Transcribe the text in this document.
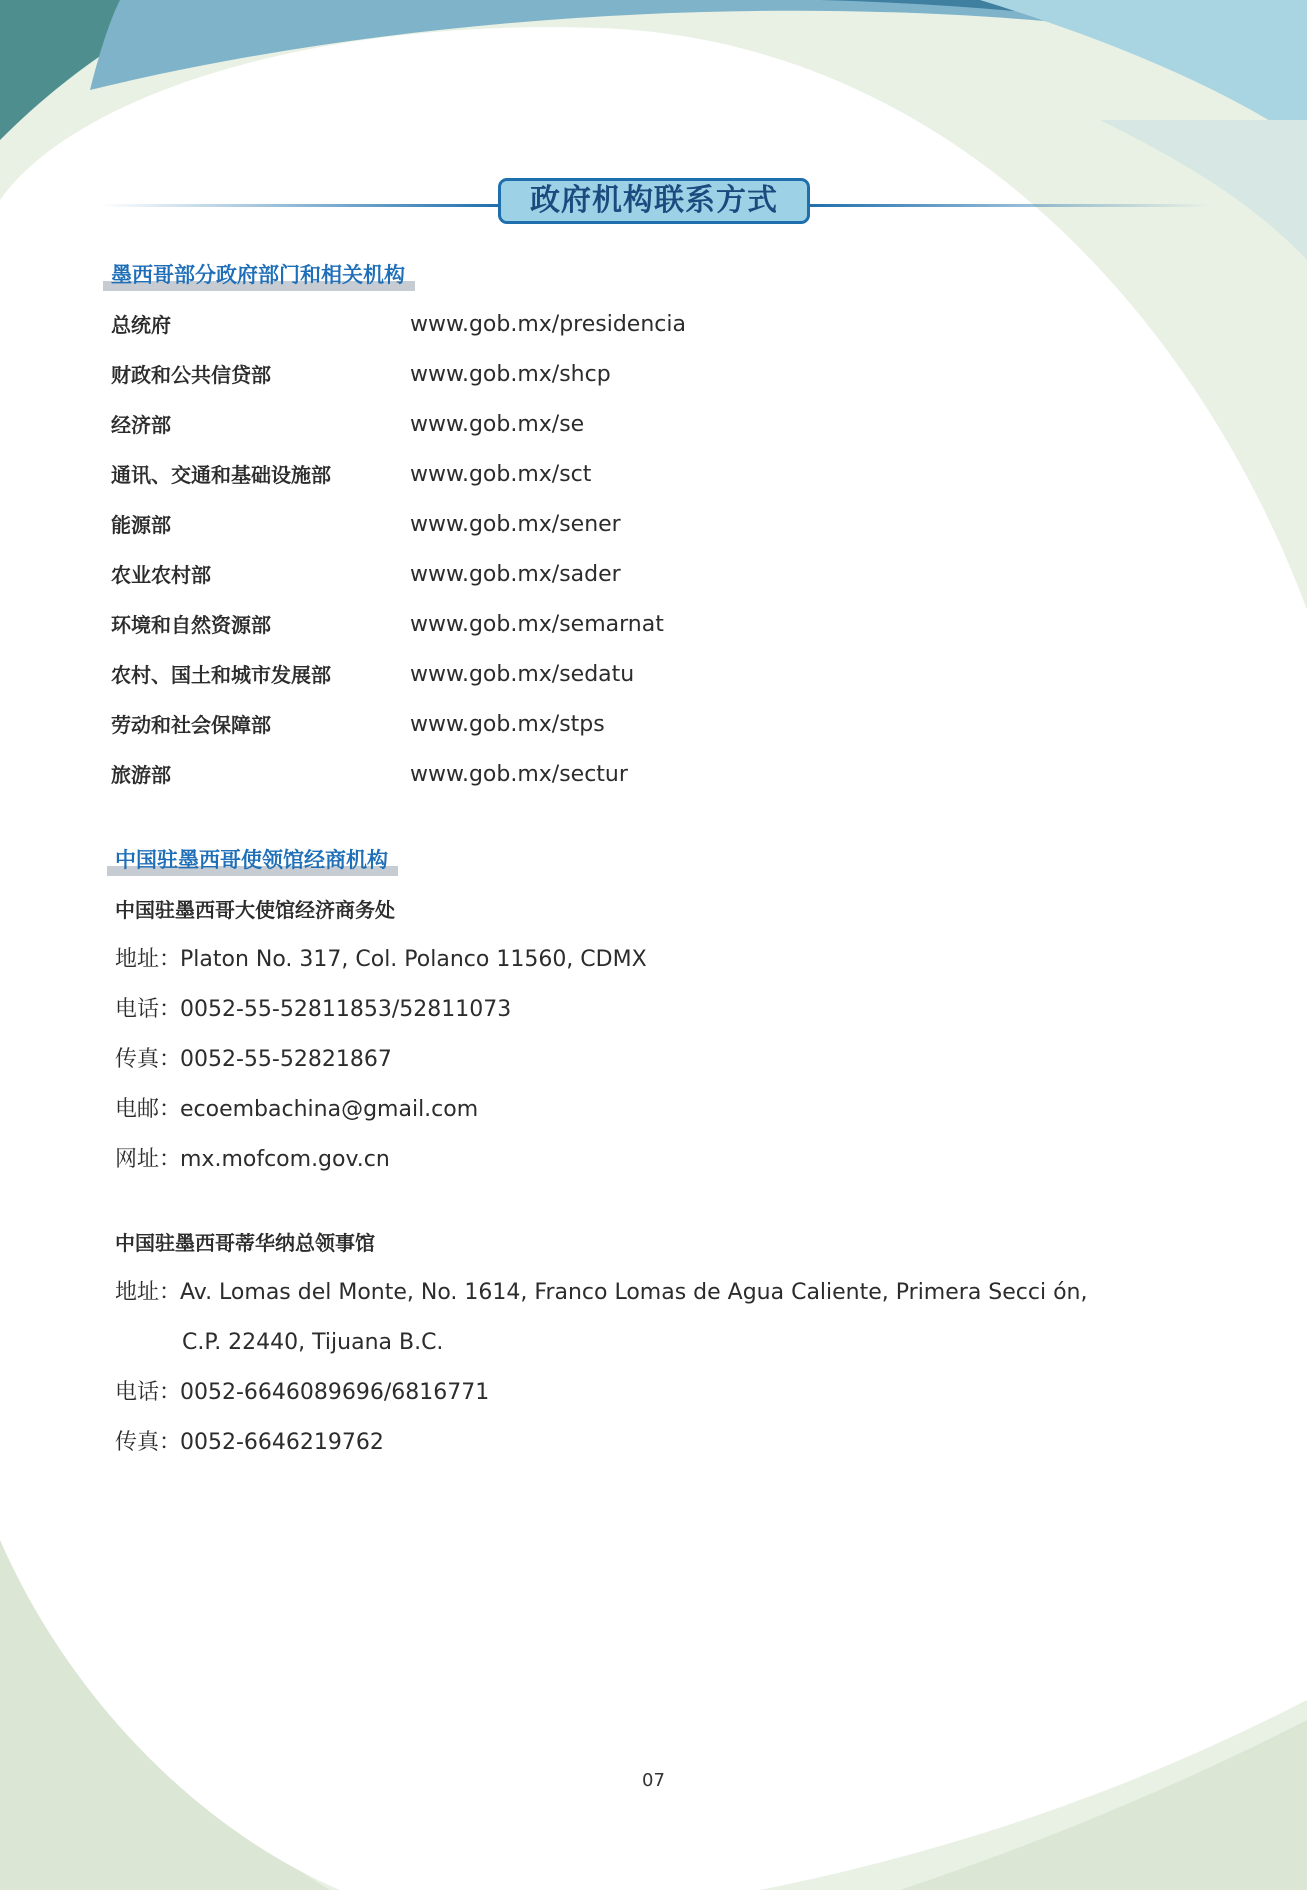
政府机构联系方式
墨西哥部分政府部门和相关机构
总统府	www.gob.mx/presidencia
财政和公共信贷部	www.gob.mx/shcp
经济部	www.gob.mx/se
通讯、交通和基础设施部	www.gob.mx/sct
能源部	www.gob.mx/sener
农业农村部	www.gob.mx/sader
环境和自然资源部	www.gob.mx/semarnat
农村、国土和城市发展部	www.gob.mx/sedatu
劳动和社会保障部	www.gob.mx/stps
旅游部	www.gob.mx/sectur
中国驻墨西哥使领馆经商机构
中国驻墨西哥大使馆经济商务处
地址：Platon No. 317, Col. Polanco 11560, CDMX
电话：0052-55-52811853/52811073
传真：0052-55-52821867
电邮：ecoembachina@gmail.com
网址：mx.mofcom.gov.cn
中国驻墨西哥蒂华纳总领事馆
地址：Av. Lomas del Monte, No. 1614, Franco Lomas de Agua Caliente, Primera Secci ón,
C.P. 22440, Tijuana B.C.
电话：0052-6646089696/6816771
传真：0052-6646219762
07
